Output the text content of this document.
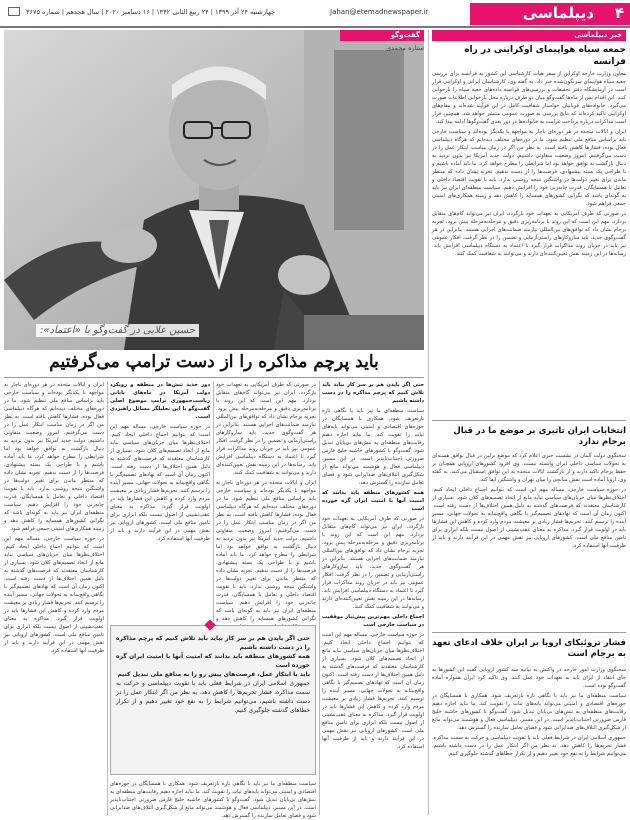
چهارشنبه ۲۴ آذر ۱۳۹۹ | ۲۴ ربیع الثانی ۱۴۴۲ | ۱۶ دسامبر ۲۰۲۰ | سال هجدهم | شماره ۳۶۷۵	Jahan@etemadnewspaper.ir	دیپلماسی ۴
حسین علایی در گفت‌وگو با «اعتماد»:
باید پرچم مذاکره را از دست ترامپ می‌گرفتیم
گفت‌وگو
ستاره محمدی

ایران و ایالات متحده در هر دوره‌ای ناچار به مواجهه با یکدیگر بوده‌اند و سیاست خارجی باید براساس منافع ملی تنظیم شود. ما در دوره‌های مختلف دیده‌ایم که هرگاه دیپلماسی فعال بوده، فشارها کاهش یافته است. به نظر من اگر در زمان مناسب ابتکار عمل را در دست می‌گرفتیم، امروز وضعیت متفاوتی داشتیم. دولت جدید آمریکا نیز بدون تردید به دنبال بازگشت به توافق خواهد بود اما شرایطی را مطرح خواهد کرد. ما باید آماده باشیم و با طراحی یک بسته پیشنهادی، فرصت‌ها را از دست ندهیم. تجربه نشان داده که منتظر ماندن برای تغییر دولت‌ها در واشنگتن نتیجه روشنی ندارد. باید با تقویت اقتصاد داخلی و تعامل با همسایگان، قدرت چانه‌زنی خود را افزایش دهیم. سیاست منطقه‌ای ایران نیز باید به گونه‌ای باشد که نگرانی کشورهای همسایه را کاهش دهد و زمینه همکاری‌های امنیتی جمعی فراهم شود.

در حوزه سیاست خارجی، مساله مهم این است که بتوانیم اجماع داخلی ایجاد کنیم. اختلاف‌نظرها میان جریان‌های سیاسی نباید مانع از اتخاذ تصمیم‌های کلان شود. بسیاری از کارشناسان معتقدند که فرصت‌های گذشته به دلیل همین اختلاف‌ها از دست رفته است. اکنون زمان آن است که نهادهای تصمیم‌گیر با نگاهی واقع‌بینانه به تحولات جهانی، مسیر آینده را ترسیم کنند. تحریم‌ها فشار زیادی بر معیشت مردم وارد کرده و کاهش این فشارها باید در اولویت قرار گیرد. مذاکره به معنای عقب‌نشینی از اصول نیست بلکه ابزاری برای تامین منافع ملی است. کشورهای اروپایی نیز نقش مهمی در این فرآیند دارند و باید از ظرفیت آنها استفاده کرد.

دور جدید تنش‌ها در منطقه و رویکرد دولت آمریکا در ماه‌های پایانی ریاست‌جمهوری ترامپ موضوع اصلی گفت‌وگو با این تحلیلگر مسائل راهبردی است.

در حوزه سیاست خارجی، مساله مهم این است که بتوانیم اجماع داخلی ایجاد کنیم. اختلاف‌نظرها میان جریان‌های سیاسی نباید مانع از اتخاذ تصمیم‌های کلان شود. بسیاری از کارشناسان معتقدند که فرصت‌های گذشته به دلیل همین اختلاف‌ها از دست رفته است. اکنون زمان آن است که نهادهای تصمیم‌گیر با نگاهی واقع‌بینانه به تحولات جهانی، مسیر آینده را ترسیم کنند. تحریم‌ها فشار زیادی بر معیشت مردم وارد کرده و کاهش این فشارها باید در اولویت قرار گیرد. مذاکره به معنای عقب‌نشینی از اصول نیست بلکه ابزاری برای تامین منافع ملی است. کشورهای اروپایی نیز نقش مهمی در این فرآیند دارند و باید از ظرفیت آنها استفاده کرد.

در صورتی که طرف آمریکایی به تعهدات خود بازگردد، ایران نیز می‌تواند گام‌های متقابل بردارد. مهم این است که این روند با برنامه‌ریزی دقیق و مرحله‌به‌مرحله پیش برود. تجربه برجام نشان داد که توافق‌های بین‌المللی نیازمند ضمانت‌های اجرایی هستند. بنابراین در هر گفت‌وگوی جدید، باید سازوکارهای راستی‌آزمایی و تضمین را در نظر گرفت. افکار عمومی نیز باید در جریان روند مذاکرات قرار گیرد تا اعتماد به دستگاه دیپلماسی افزایش یابد. رسانه‌ها در این زمینه نقش تعیین‌کننده‌ای دارند و می‌توانند به شفافیت کمک کنند.

ایران و ایالات متحده در هر دوره‌ای ناچار به مواجهه با یکدیگر بوده‌اند و سیاست خارجی باید براساس منافع ملی تنظیم شود. ما در دوره‌های مختلف دیده‌ایم که هرگاه دیپلماسی فعال بوده، فشارها کاهش یافته است. به نظر من اگر در زمان مناسب ابتکار عمل را در دست می‌گرفتیم، امروز وضعیت متفاوتی داشتیم. دولت جدید آمریکا نیز بدون تردید به دنبال بازگشت به توافق خواهد بود اما شرایطی را مطرح خواهد کرد. ما باید آماده باشیم و با طراحی یک بسته پیشنهادی، فرصت‌ها را از دست ندهیم. تجربه نشان داده که منتظر ماندن برای تغییر دولت‌ها در واشنگتن نتیجه روشنی ندارد. باید با تقویت اقتصاد داخلی و تعامل با همسایگان، قدرت چانه‌زنی خود را افزایش دهیم. سیاست منطقه‌ای ایران نیز باید به گونه‌ای باشد که نگرانی کشورهای همسایه را کاهش دهد و

حتی اگر بایدن هم بر سر کار بیاید باید تلاش کنیم که پرچم مذاکره را در دست داشته باشیم

سیاست منطقه‌ای ما نیز باید با نگاهی تازه بازتعریف شود. همکاری با همسایگان در حوزه‌های اقتصادی و امنیتی می‌تواند پایه‌های ثبات را تقویت کند. ما نباید اجازه دهیم رقابت‌های منطقه‌ای به تنش‌های بی‌پایان تبدیل شود. گفت‌وگو با کشورهای حاشیه خلیج فارس ضرورتی اجتناب‌ناپذیر است. در این مسیر، دیپلماسی فعال و هوشمند می‌تواند مانع از شکل‌گیری ائتلاف‌های ضدایرانی شود و فضای تعامل سازنده را گسترش دهد.

همه کشورهای منطقه باید بدانند که امنیت آنها با امنیت ایران گره خورده است

در صورتی که طرف آمریکایی به تعهدات خود بازگردد، ایران نیز می‌تواند گام‌های متقابل بردارد. مهم این است که این روند با برنامه‌ریزی دقیق و مرحله‌به‌مرحله پیش برود. تجربه برجام نشان داد که توافق‌های بین‌المللی نیازمند ضمانت‌های اجرایی هستند. بنابراین در هر گفت‌وگوی جدید، باید سازوکارهای راستی‌آزمایی و تضمین را در نظر گرفت. افکار عمومی نیز باید در جریان روند مذاکرات قرار گیرد تا اعتماد به دستگاه دیپلماسی افزایش یابد. رسانه‌ها در این زمینه نقش تعیین‌کننده‌ای دارند و می‌توانند به شفافیت کمک کنند.

اجماع داخلی مهم‌ترین پیش‌نیاز موفقیت در سیاست خارجی است

در حوزه سیاست خارجی، مساله مهم این است که بتوانیم اجماع داخلی ایجاد کنیم. اختلاف‌نظرها میان جریان‌های سیاسی نباید مانع از اتخاذ تصمیم‌های کلان شود. بسیاری از کارشناسان معتقدند که فرصت‌های گذشته به دلیل همین اختلاف‌ها از دست رفته است. اکنون زمان آن است که نهادهای تصمیم‌گیر با نگاهی واقع‌بینانه به تحولات جهانی، مسیر آینده را ترسیم کنند. تحریم‌ها فشار زیادی بر معیشت مردم وارد کرده و کاهش این فشارها باید در اولویت قرار گیرد. مذاکره به معنای عقب‌نشینی از اصول نیست بلکه ابزاری برای تامین منافع ملی است. کشورهای اروپایی نیز نقش مهمی در این فرآیند دارند و باید از ظرفیت آنها استفاده کرد.

حتی اگر بایدن هم بر سر کار بیاید باید تلاش کنیم که پرچم مذاکره را در دست داشته باشیم
همه کشورهای منطقه باید بدانند که امنیت آنها با امنیت ایران گره خورده است
باید با ابتکار عمل، فرصت‌های پیش رو را به منافع ملی تبدیل کنیم
جمهوری اسلامی ایران در شرایط فعلی باید با تقویت دیپلماسی و حرکت به سمت مذاکره، فشار تحریم‌ها را کاهش دهد. به نظر من اگر ابتکار عمل را در دست داشته باشیم، می‌توانیم شرایط را به نفع خود تغییر دهیم و از تکرار خطاهای گذشته جلوگیری کنیم.

سیاست منطقه‌ای ما نیز باید با نگاهی تازه بازتعریف شود. همکاری با همسایگان در حوزه‌های اقتصادی و امنیتی می‌تواند پایه‌های ثبات را تقویت کند. ما نباید اجازه دهیم رقابت‌های منطقه‌ای به تنش‌های بی‌پایان تبدیل شود. گفت‌وگو با کشورهای حاشیه خلیج فارس ضرورتی اجتناب‌ناپذیر است. در این مسیر، دیپلماسی فعال و هوشمند می‌تواند مانع از شکل‌گیری ائتلاف‌های ضدایرانی شود و فضای تعامل سازنده را گسترش دهد.

خبر دیپلماسی
جمعه سیاه هواپیمای اوکراینی در راه فرانسه

معاون وزارت خارجه اوکراین از سفر هیات کارشناسی این کشور به فرانسه برای بررسی جعبه سیاه هواپیمای سرنگون‌شده خبر داد. به گفته وی، کارشناسان ایرانی و اوکراینی قرار است در آزمایشگاه دفتر تحقیقات و بررسی‌های فرانسه داده‌های جعبه سیاه را بازخوانی کنند. این اقدام پس از ماه‌ها گفت‌وگو میان دو طرف درباره محل بازخوانی اطلاعات صورت می‌گیرد. خانواده‌های قربانیان خواستار شفافیت کامل در این فرآیند شده‌اند و مقام‌های اوکراینی تاکید کرده‌اند که نتایج بررسی به صورت عمومی منتشر خواهد شد. همچنین قرار است مذاکرات درباره پرداخت غرامت به خانواده‌ها در دور بعدی گفت‌وگوها ادامه پیدا کند.

ایران و ایالات متحده در هر دوره‌ای ناچار به مواجهه با یکدیگر بوده‌اند و سیاست خارجی باید براساس منافع ملی تنظیم شود. ما در دوره‌های مختلف دیده‌ایم که هرگاه دیپلماسی فعال بوده، فشارها کاهش یافته است. به نظر من اگر در زمان مناسب ابتکار عمل را در دست می‌گرفتیم، امروز وضعیت متفاوتی داشتیم. دولت جدید آمریکا نیز بدون تردید به دنبال بازگشت به توافق خواهد بود اما شرایطی را مطرح خواهد کرد. ما باید آماده باشیم و با طراحی یک بسته پیشنهادی، فرصت‌ها را از دست ندهیم. تجربه نشان داده که منتظر ماندن برای تغییر دولت‌ها در واشنگتن نتیجه روشنی ندارد. باید با تقویت اقتصاد داخلی و تعامل با همسایگان، قدرت چانه‌زنی خود را افزایش دهیم. سیاست منطقه‌ای ایران نیز باید به گونه‌ای باشد که نگرانی کشورهای همسایه را کاهش دهد و زمینه همکاری‌های امنیتی جمعی فراهم شود.

در صورتی که طرف آمریکایی به تعهدات خود بازگردد، ایران نیز می‌تواند گام‌های متقابل بردارد. مهم این است که این روند با برنامه‌ریزی دقیق و مرحله‌به‌مرحله پیش برود. تجربه برجام نشان داد که توافق‌های بین‌المللی نیازمند ضمانت‌های اجرایی هستند. بنابراین در هر گفت‌وگوی جدید، باید سازوکارهای راستی‌آزمایی و تضمین را در نظر گرفت. افکار عمومی نیز باید در جریان روند مذاکرات قرار گیرد تا اعتماد به دستگاه دیپلماسی افزایش یابد. رسانه‌ها در این زمینه نقش تعیین‌کننده‌ای دارند و می‌توانند به شفافیت کمک کنند.

انتخابات ایران تاثیری بر موضع ما در قبال برجام ندارد

سخنگوی دولت آلمان در نشست خبری اعلام کرد که موضع برلین در قبال توافق هسته‌ای به تحولات سیاسی داخلی ایران وابسته نیست. وی افزود کشورهای اروپایی همچنان بر حفظ برجام تاکید دارند و از بازگشت ایالات متحده به این توافق استقبال می‌کنند. به گفته وی، اروپا آماده است نقش میانجی را میان تهران و واشنگتن ایفا کند.

در حوزه سیاست خارجی، مساله مهم این است که بتوانیم اجماع داخلی ایجاد کنیم. اختلاف‌نظرها میان جریان‌های سیاسی نباید مانع از اتخاذ تصمیم‌های کلان شود. بسیاری از کارشناسان معتقدند که فرصت‌های گذشته به دلیل همین اختلاف‌ها از دست رفته است. اکنون زمان آن است که نهادهای تصمیم‌گیر با نگاهی واقع‌بینانه به تحولات جهانی، مسیر آینده را ترسیم کنند. تحریم‌ها فشار زیادی بر معیشت مردم وارد کرده و کاهش این فشارها باید در اولویت قرار گیرد. مذاکره به معنای عقب‌نشینی از اصول نیست بلکه ابزاری برای تامین منافع ملی است. کشورهای اروپایی نیز نقش مهمی در این فرآیند دارند و باید از ظرفیت آنها استفاده کرد.

فشار تروئیکای اروپا بر ایران خلاف ادعای تعهد به برجام است

سخنگوی وزارت امور خارجه در واکنش به بیانیه سه کشور اروپایی گفت این کشورها به جای انتقاد از ایران باید به تعهدات خود عمل کنند. وی تاکید کرد ایران همواره آماده گفت‌وگو بوده است.

سیاست منطقه‌ای ما نیز باید با نگاهی تازه بازتعریف شود. همکاری با همسایگان در حوزه‌های اقتصادی و امنیتی می‌تواند پایه‌های ثبات را تقویت کند. ما نباید اجازه دهیم رقابت‌های منطقه‌ای به تنش‌های بی‌پایان تبدیل شود. گفت‌وگو با کشورهای حاشیه خلیج فارس ضرورتی اجتناب‌ناپذیر است. در این مسیر، دیپلماسی فعال و هوشمند می‌تواند مانع از شکل‌گیری ائتلاف‌های ضدایرانی شود و فضای تعامل سازنده را گسترش دهد.

جمهوری اسلامی ایران در شرایط فعلی باید با تقویت دیپلماسی و حرکت به سمت مذاکره، فشار تحریم‌ها را کاهش دهد. به نظر من اگر ابتکار عمل را در دست داشته باشیم، می‌توانیم شرایط را به نفع خود تغییر دهیم و از تکرار خطاهای گذشته جلوگیری کنیم.
